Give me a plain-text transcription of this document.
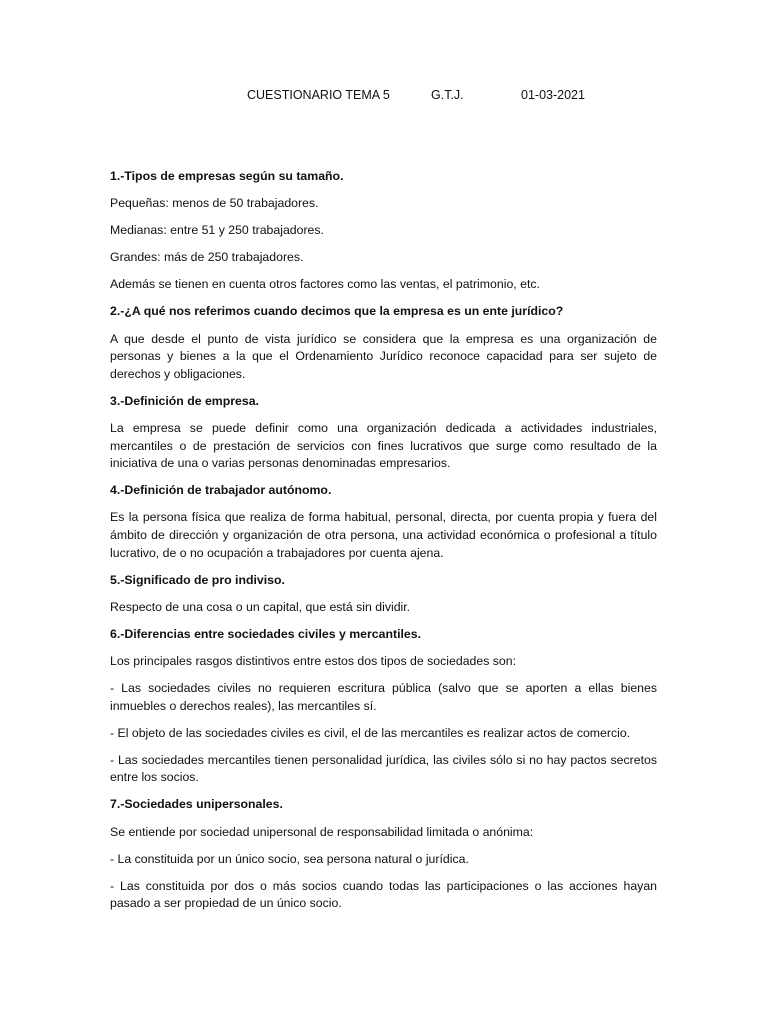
CUESTIONARIO TEMA 5	G.T.J.	01-03-2021
1.-Tipos de empresas según su tamaño.
Pequeñas: menos de 50 trabajadores.
Medianas: entre 51 y 250 trabajadores.
Grandes: más de 250 trabajadores.
Además se tienen en cuenta otros factores como las ventas, el patrimonio, etc.
2.-¿A qué nos referimos cuando decimos que la empresa es un ente jurídico?
A que desde el punto de vista jurídico se considera que la empresa es una organización de personas y bienes a la que el Ordenamiento Jurídico reconoce capacidad para ser sujeto de derechos y obligaciones.
3.-Definición de empresa.
La empresa se puede definir como una organización dedicada a actividades industriales, mercantiles o de prestación de servicios con fines lucrativos que surge como resultado de la iniciativa de una o varias personas denominadas empresarios.
4.-Definición de trabajador autónomo.
Es la persona física que realiza de forma habitual, personal, directa, por cuenta propia y fuera del ámbito de dirección y organización de otra persona, una actividad económica o profesional a título lucrativo, de o no ocupación a trabajadores por cuenta ajena.
5.-Significado de pro indiviso.
Respecto de una cosa o un capital, que está sin dividir.
6.-Diferencias entre sociedades civiles y mercantiles.
Los principales rasgos distintivos entre estos dos tipos de sociedades son:
- Las sociedades civiles no requieren escritura pública (salvo que se aporten a ellas bienes inmuebles o derechos reales), las mercantiles sí.
- El objeto de las sociedades civiles es civil, el de las mercantiles es realizar actos de comercio.
- Las sociedades mercantiles tienen personalidad jurídica, las civiles sólo si no hay pactos secretos entre los socios.
7.-Sociedades unipersonales.
Se entiende por sociedad unipersonal de responsabilidad limitada o anónima:
- La constituida por un único socio, sea persona natural o jurídica.
- Las constituida por dos o más socios cuando todas las participaciones o las acciones hayan pasado a ser propiedad de un único socio.
